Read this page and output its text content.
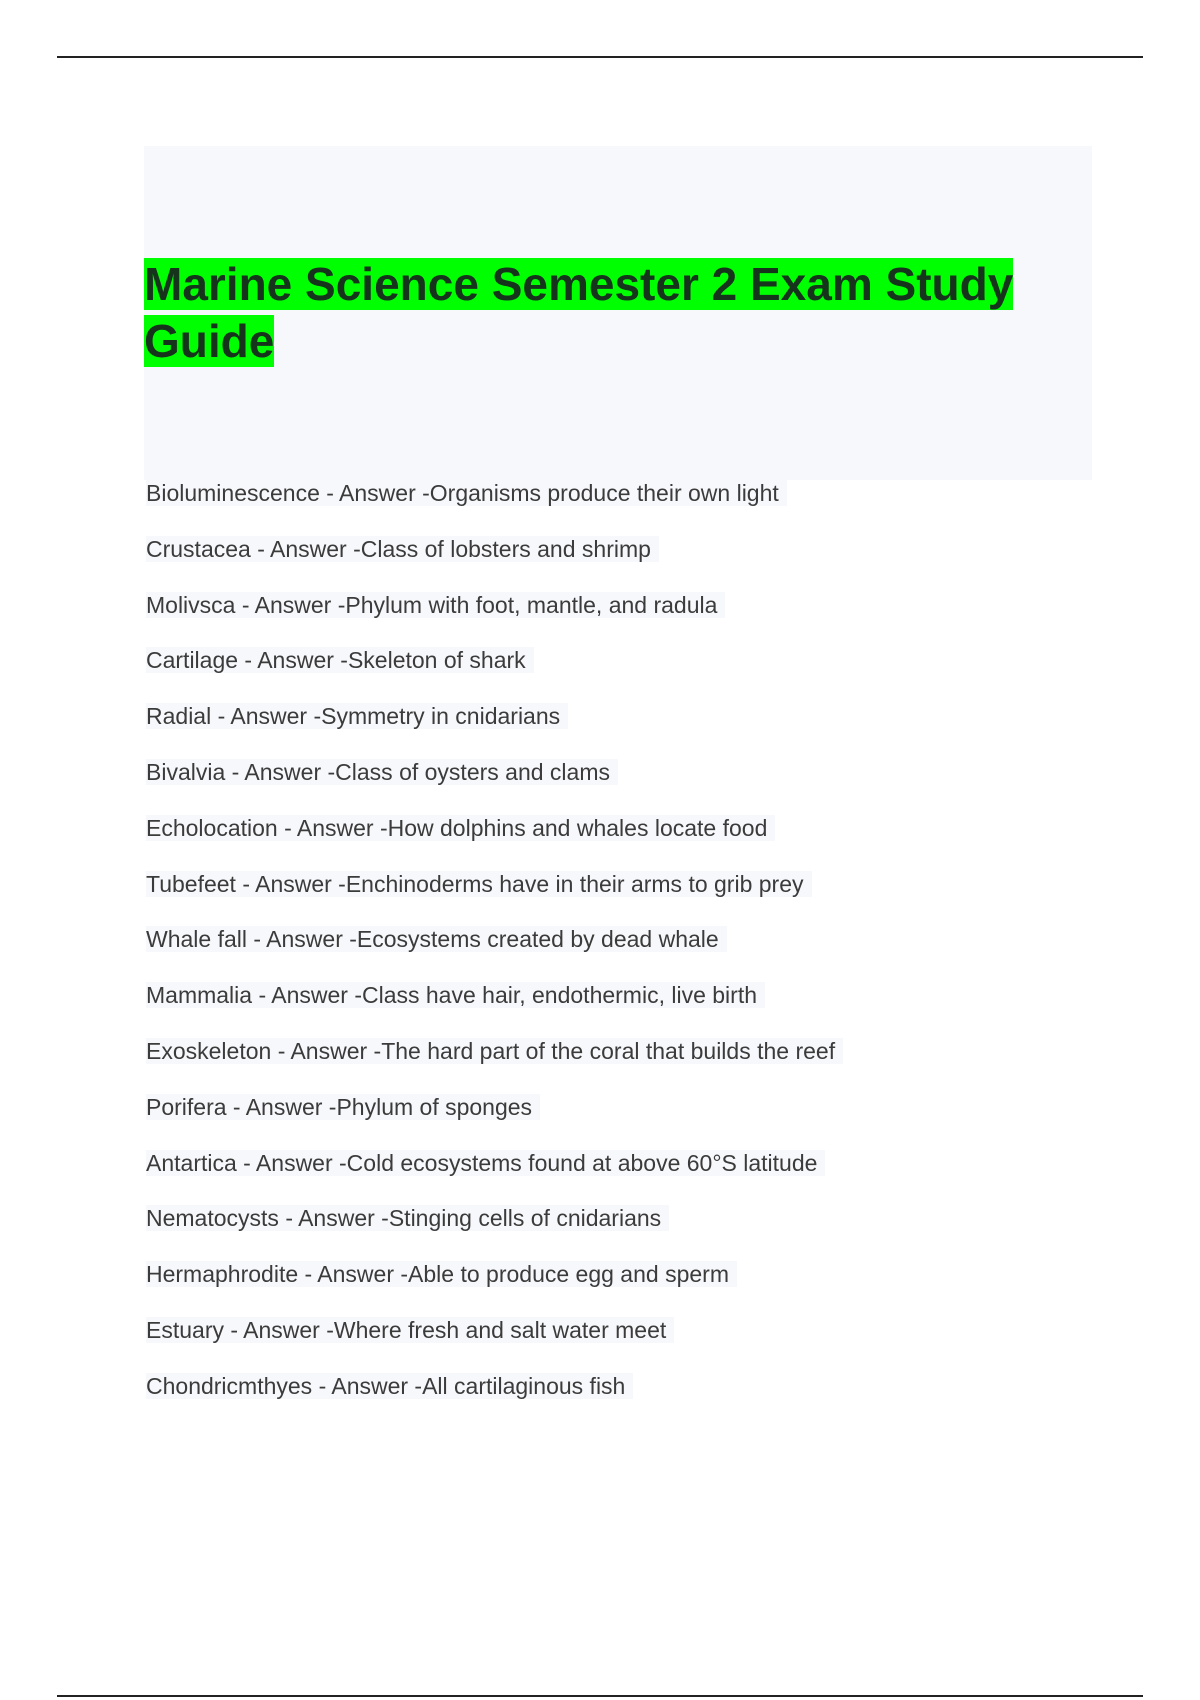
Marine Science Semester 2 Exam Study Guide
Bioluminescence - Answer -Organisms produce their own light
Crustacea - Answer -Class of lobsters and shrimp
Molivsca - Answer -Phylum with foot, mantle, and radula
Cartilage - Answer -Skeleton of shark
Radial - Answer -Symmetry in cnidarians
Bivalvia - Answer -Class of oysters and clams
Echolocation - Answer -How dolphins and whales locate food
Tubefeet - Answer -Enchinoderms have in their arms to grib prey
Whale fall - Answer -Ecosystems created by dead whale
Mammalia - Answer -Class have hair, endothermic, live birth
Exoskeleton - Answer -The hard part of the coral that builds the reef
Porifera - Answer -Phylum of sponges
Antartica - Answer -Cold ecosystems found at above 60°S latitude
Nematocysts - Answer -Stinging cells of cnidarians
Hermaphrodite - Answer -Able to produce egg and sperm
Estuary - Answer -Where fresh and salt water meet
Chondricmthyes - Answer -All cartilaginous fish
